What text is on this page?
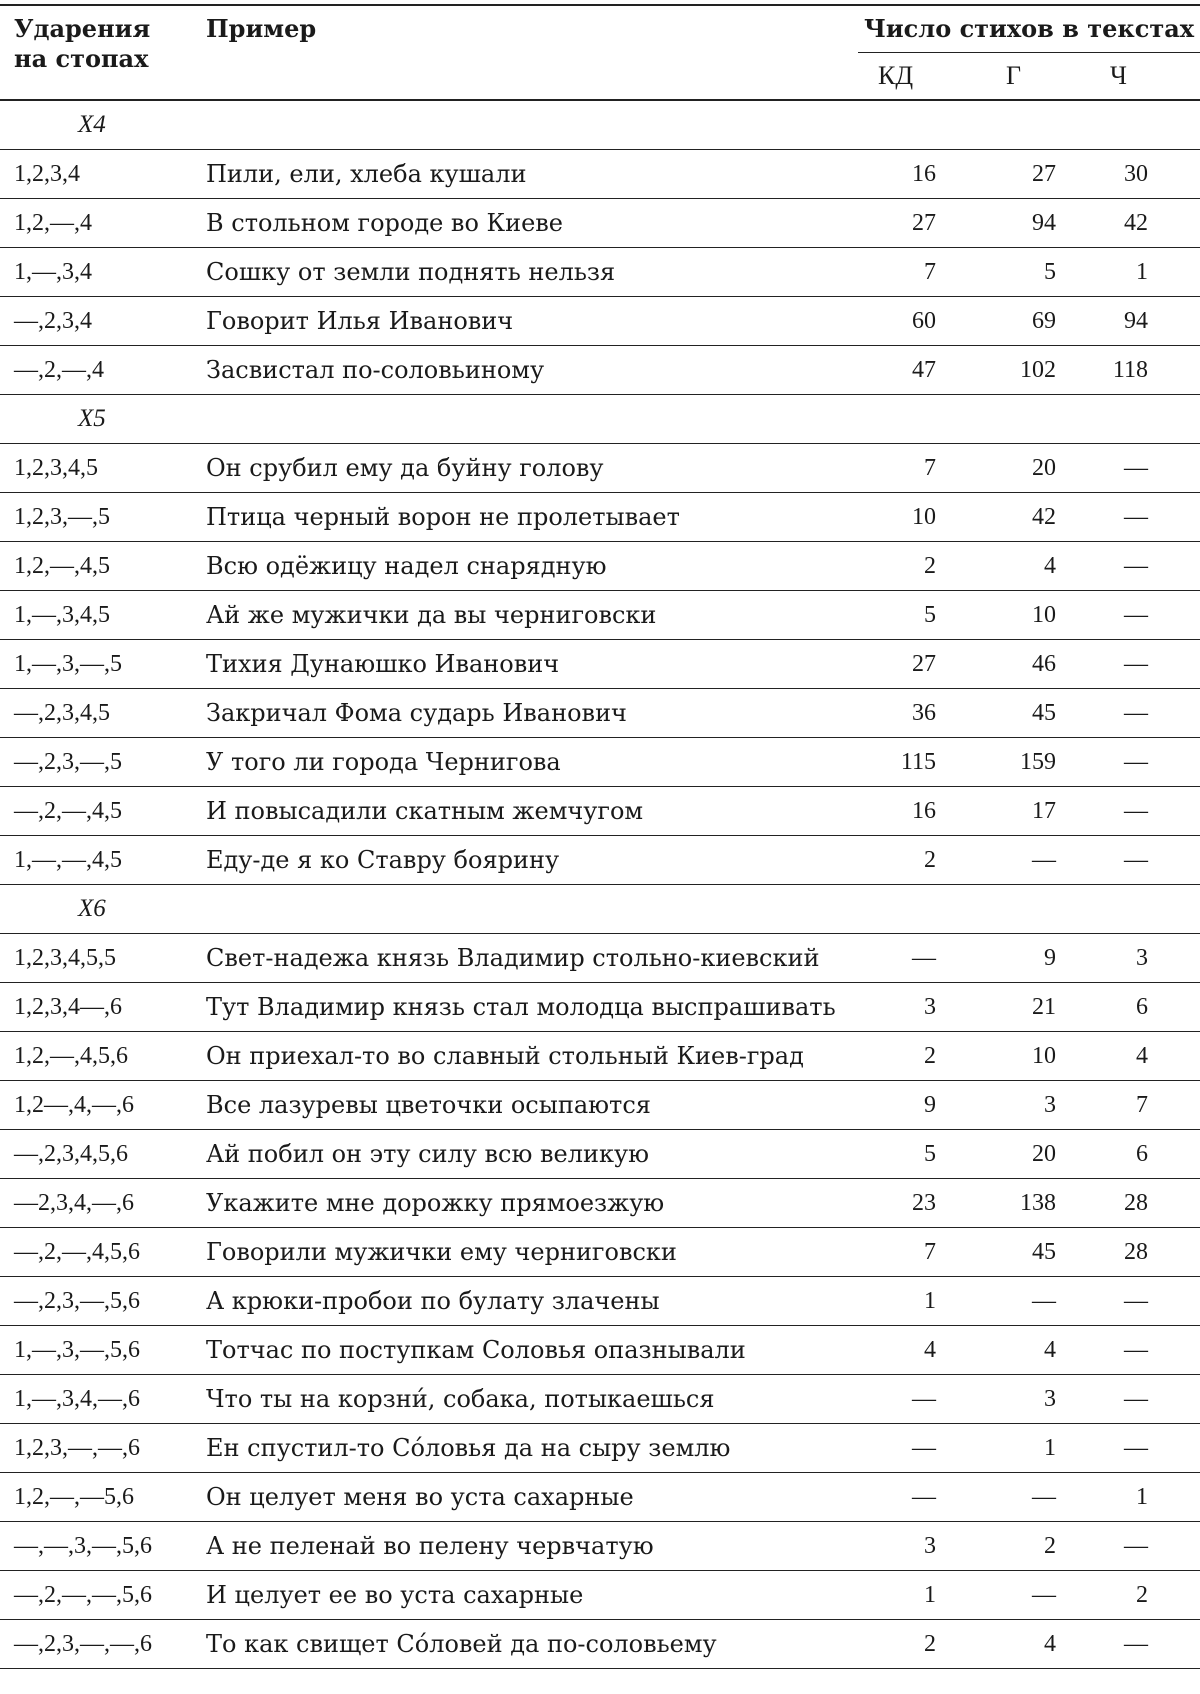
Ударения
на стопах	Пример	Число стихов в текстах		
		КД	Г	Ч
Х4				
1,2,3,4	Пили, ели, хлеба кушали	16	27	30
1,2,—,4	В стольном городе во Киеве	27	94	42
1,—,3,4	Сошку от земли поднять нельзя	7	5	1
—,2,3,4	Говорит Илья Иванович	60	69	94
—,2,—,4	Засвистал по-соловьиному	47	102	118
Х5				
1,2,3,4,5	Он срубил ему да буйну голову	7	20	—
1,2,3,—,5	Птица черный ворон не пролетывает	10	42	—
1,2,—,4,5	Всю одёжицу надел снарядную	2	4	—
1,—,3,4,5	Ай же мужички да вы черниговски	5	10	—
1,—,3,—,5	Тихия Дунаюшко Иванович	27	46	—
—,2,3,4,5	Закричал Фома сударь Иванович	36	45	—
—,2,3,—,5	У того ли города Чернигова	115	159	—
—,2,—,4,5	И повысадили скатным жемчугом	16	17	—
1,—,—,4,5	Еду-де я ко Ставру боярину	2	—	—
Х6				
1,2,3,4,5,5	Свет-надежа князь Владимир стольно-киевский	—	9	3
1,2,3,4—,6	Тут Владимир князь стал молодца выспрашивать	3	21	6
1,2,—,4,5,6	Он приехал-то во славный стольный Киев-град	2	10	4
1,2—,4,—,6	Все лазуревы цветочки осыпаются	9	3	7
—,2,3,4,5,6	Ай побил он эту силу всю великую	5	20	6
—2,3,4,—,6	Укажите мне дорожку прямоезжую	23	138	28
—,2,—,4,5,6	Говорили мужички ему черниговски	7	45	28
—,2,3,—,5,6	А крюки-пробои по булату злачены	1	—	—
1,—,3,—,5,6	Тотчас по поступкам Соловья опазнывали	4	4	—
1,—,3,4,—,6	Что ты на корзни́, собака, потыкаешься	—	3	—
1,2,3,—,—,6	Ен спустил-то Со́ловья да на сыру землю	—	1	—
1,2,—,—5,6	Он целует меня во уста сахарные	—	—	1
—,—,3,—,5,6	А не пеленай во пелену червчатую	3	2	—
—,2,—,—,5,6	И целует ее во уста сахарные	1	—	2
—,2,3,—,—,6	То как свищет Со́ловей да по-соловьему	2	4	—
